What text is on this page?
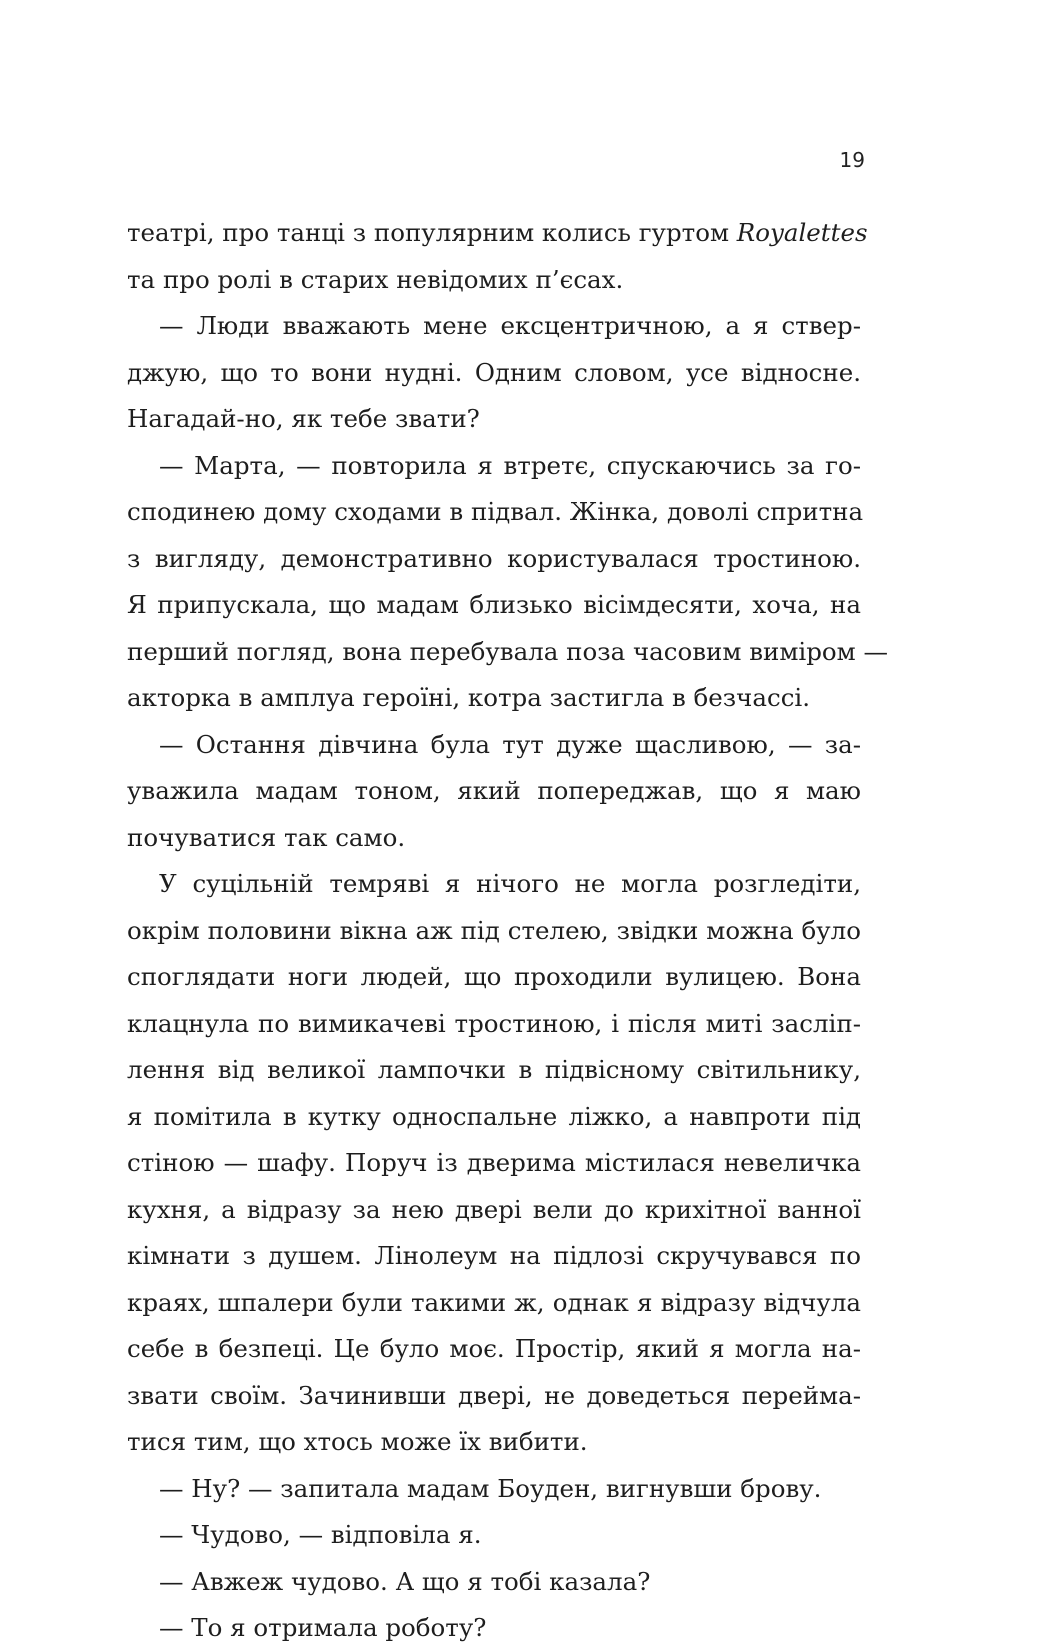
19
театрі, про танці з популярним колись гуртом Royalettes
та про ролі в старих невідомих п’єсах.
— Люди вважають мене ексцентричною, а я ствер-
джую, що то вони нудні. Одним словом, усе відносне.
Нагадай-но, як тебе звати?
— Марта, — повторила я втретє, спускаючись за го-
сподинею дому сходами в підвал. Жінка, доволі спритна
з вигляду, демонстративно користувалася тростиною.
Я припускала, що мадам близько вісімдесяти, хоча, на
перший погляд, вона перебувала поза часовим виміром —
акторка в амплуа героїні, котра застигла в безчассі.
— Остання дівчина була тут дуже щасливою, — за-
уважила мадам тоном, який попереджав, що я маю
почуватися так само.
У суцільній темряві я нічого не могла розгледіти,
окрім половини вікна аж під стелею, звідки можна було
споглядати ноги людей, що проходили вулицею. Вона
клацнула по вимикачеві тростиною, і після миті засліп-
лення від великої лампочки в підвісному світильнику,
я помітила в кутку односпальне ліжко, а навпроти під
стіною — шафу. Поруч із дверима містилася невеличка
кухня, а відразу за нею двері вели до крихітної ванної
кімнати з душем. Лінолеум на підлозі скручувався по
краях, шпалери були такими ж, однак я відразу відчула
себе в безпеці. Це було моє. Простір, який я могла на-
звати своїм. Зачинивши двері, не доведеться перейма-
тися тим, що хтось може їх вибити.
— Ну? — запитала мадам Боуден, вигнувши брову.
— Чудово, — відповіла я.
— Авжеж чудово. А що я тобі казала?
— То я отримала роботу?
